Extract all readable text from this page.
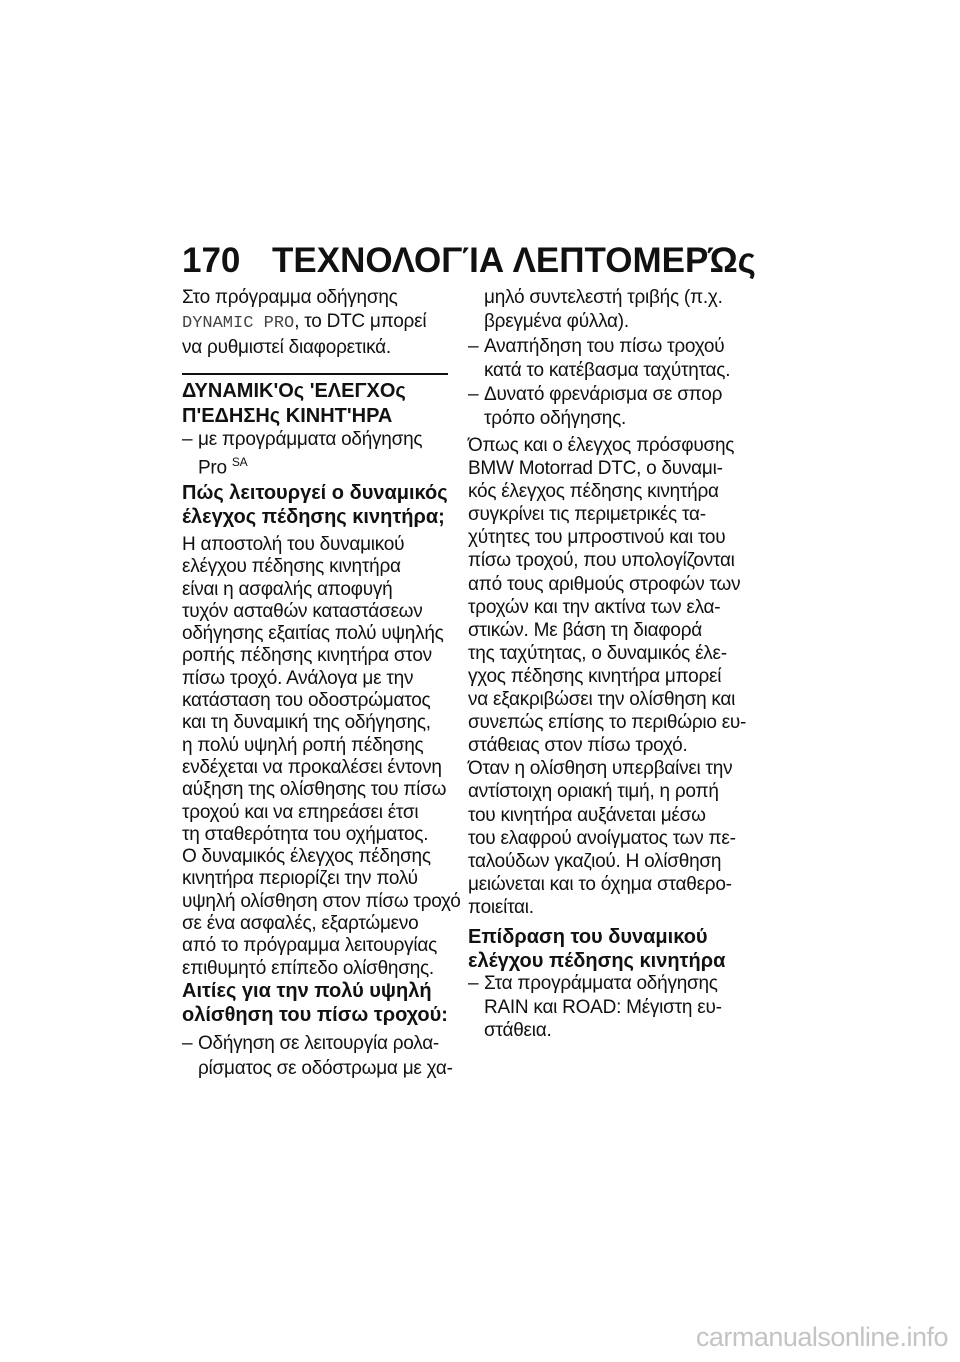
170 ΤΕΧΝΟΛΟΓΊΑ ΛΕΠΤΟΜΕΡΏς
Στο πρόγραμμα οδήγησης
DYNAMIC PRO, το DTC μπορεί
να ρυθμιστεί διαφορετικά.
ΔΥΝΑΜΙΚ'Ος 'ΕΛΕΓΧΟς
Π'ΕΔΗΣΗς ΚΙΝΗΤ'ΗΡΑ
– με προγράμματα οδήγησης
Pro $^{SA}$
Πώς λειτουργεί ο δυναμικός
έλεγχος πέδησης κινητήρα;
Η αποστολή του δυναμικού
ελέγχου πέδησης κινητήρα
είναι η ασφαλής αποφυγή
τυχόν ασταθών καταστάσεων
οδήγησης εξαιτίας πολύ υψηλής
ροπής πέδησης κινητήρα στον
πίσω τροχό. Ανάλογα με την
κατάσταση του οδοστρώματος
και τη δυναμική της οδήγησης,
η πολύ υψηλή ροπή πέδησης
ενδέχεται να προκαλέσει έντονη
αύξηση της ολίσθησης του πίσω
τροχού και να επηρεάσει έτσι
τη σταθερότητα του οχήματος.
Ο δυναμικός έλεγχος πέδησης
κινητήρα περιορίζει την πολύ
υψηλή ολίσθηση στον πίσω τροχό
σε ένα ασφαλές, εξαρτώμενο
από το πρόγραμμα λειτουργίας
επιθυμητό επίπεδο ολίσθησης.
Αιτίες για την πολύ υψηλή
ολίσθηση του πίσω τροχού:
– Οδήγηση σε λειτουργία ρολα-
ρίσματος σε οδόστρωμα με χα-
μηλό συντελεστή τριβής (π.χ.
βρεγμένα φύλλα).
– Αναπήδηση του πίσω τροχού
κατά το κατέβασμα ταχύτητας.
– Δυνατό φρενάρισμα σε σπορ
τρόπο οδήγησης.
Όπως και ο έλεγχος πρόσφυσης
BMW Motorrad DTC, ο δυναμι-
κός έλεγχος πέδησης κινητήρα
συγκρίνει τις περιμετρικές τα-
χύτητες του μπροστινού και του
πίσω τροχού, που υπολογίζονται
από τους αριθμούς στροφών των
τροχών και την ακτίνα των ελα-
στικών. Με βάση τη διαφορά
της ταχύτητας, ο δυναμικός έλε-
γχος πέδησης κινητήρα μπορεί
να εξακριβώσει την ολίσθηση και
συνεπώς επίσης το περιθώριο ευ-
στάθειας στον πίσω τροχό.
Όταν η ολίσθηση υπερβαίνει την
αντίστοιχη οριακή τιμή, η ροπή
του κινητήρα αυξάνεται μέσω
του ελαφρού ανοίγματος των πε-
ταλούδων γκαζιού. Η ολίσθηση
μειώνεται και το όχημα σταθερο-
ποιείται.
Επίδραση του δυναμικού
ελέγχου πέδησης κινητήρα
– Στα προγράμματα οδήγησης
RAIN και ROAD: Μέγιστη ευ-
στάθεια.
carmanualsonline.info
